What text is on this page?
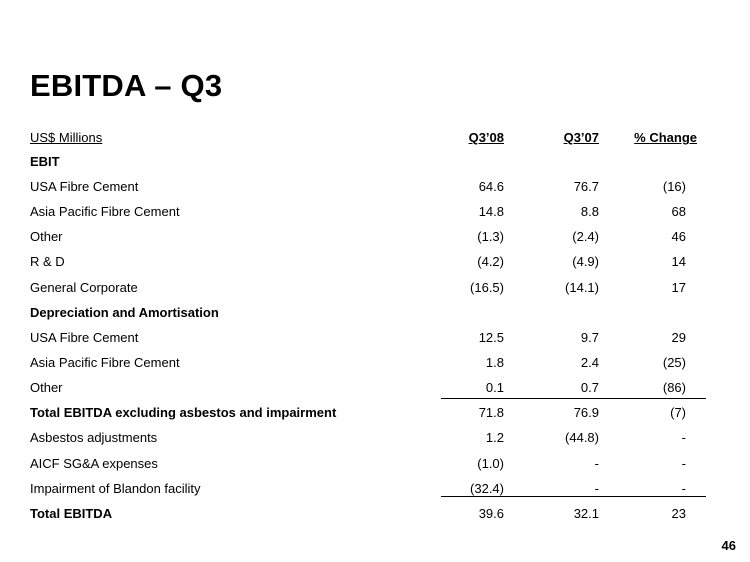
EBITDA – Q3
US$ Millions	Q3’08	Q3’07	% Change
EBIT
USA Fibre Cement	64.6	76.7	(16)
Asia Pacific Fibre Cement	14.8	8.8	68
Other	(1.3)	(2.4)	46
R & D	(4.2)	(4.9)	14
General Corporate	(16.5)	(14.1)	17
Depreciation and Amortisation
USA Fibre Cement	12.5	9.7	29
Asia Pacific Fibre Cement	1.8	2.4	(25)
Other	0.1	0.7	(86)
Total EBITDA excluding asbestos and impairment	71.8	76.9	(7)
Asbestos adjustments	1.2	(44.8)	-
AICF SG&A expenses	(1.0)	-	-
Impairment of Blandon facility	(32.4)	-	-
Total EBITDA	39.6	32.1	23
46
